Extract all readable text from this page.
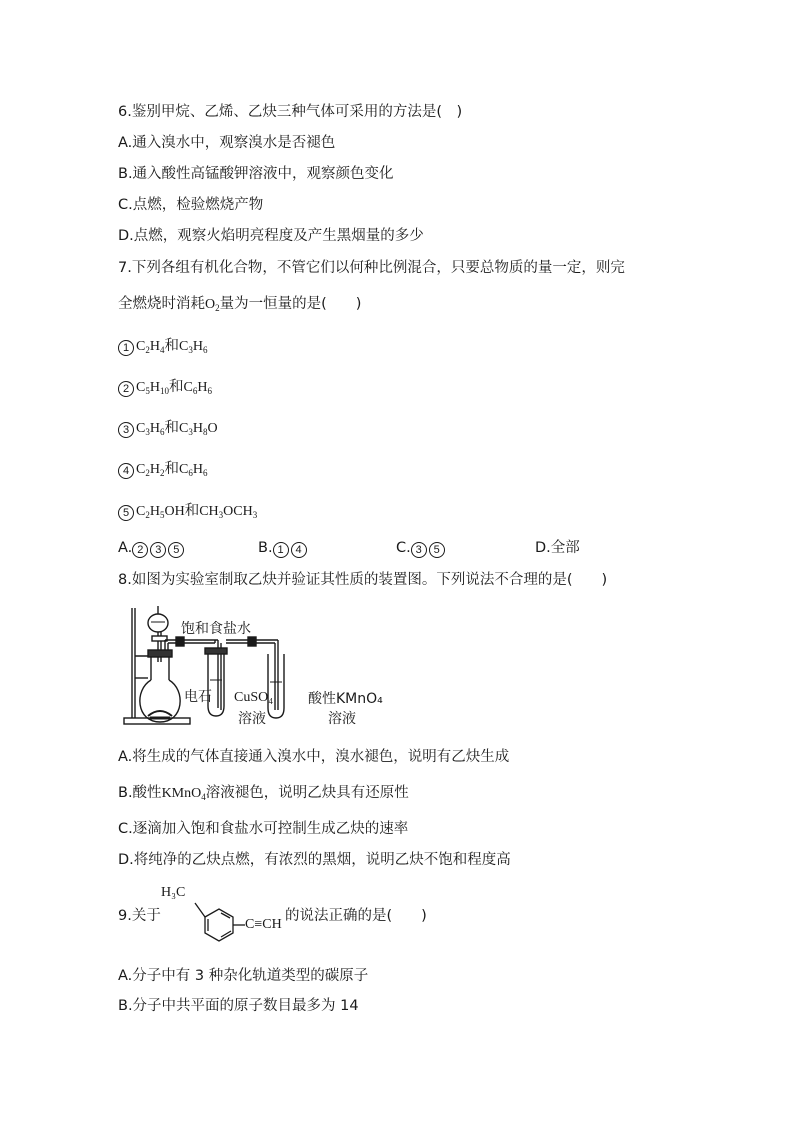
6.鉴别甲烷、乙烯、乙炔三种气体可采用的方法是(　)
A.通入溴水中，观察溴水是否褪色
B.通入酸性高锰酸钾溶液中，观察颜色变化
C.点燃，检验燃烧产物
D.点燃，观察火焰明亮程度及产生黑烟量的多少
7.下列各组有机化合物，不管它们以何种比例混合，只要总物质的量一定，则完
全燃烧时消耗$O_2$量为一恒量的是(　　)
1 $C_2H_4$和$C_3H_6$
2 $C_5H_{10}$和$C_6H_6$
3 $C_3H_6$和$C_3H_8O$
4 $C_2H_2$和$C_6H_6$
5 $C_2H_5OH$和$CH_3OCH_3$
A. 2 3 5	B. 1 4	C. 3 5	D.全部
8.如图为实验室制取乙炔并验证其性质的装置图。下列说法不合理的是(　　)
饱和食盐水
电石 CuSO₄
溶液
酸性KMnO₄
溶液
A.将生成的气体直接通入溴水中，溴水褪色，说明有乙炔生成
B.酸性KMnO$_4$溶液褪色，说明乙炔具有还原性
C.逐滴加入饱和食盐水可控制生成乙炔的速率
D.将纯净的乙炔点燃，有浓烈的黑烟，说明乙炔不饱和程度高
9.关于
H₃C
C≡CH
的说法正确的是(　　)
A.分子中有 3 种杂化轨道类型的碳原子
B.分子中共平面的原子数目最多为 14
